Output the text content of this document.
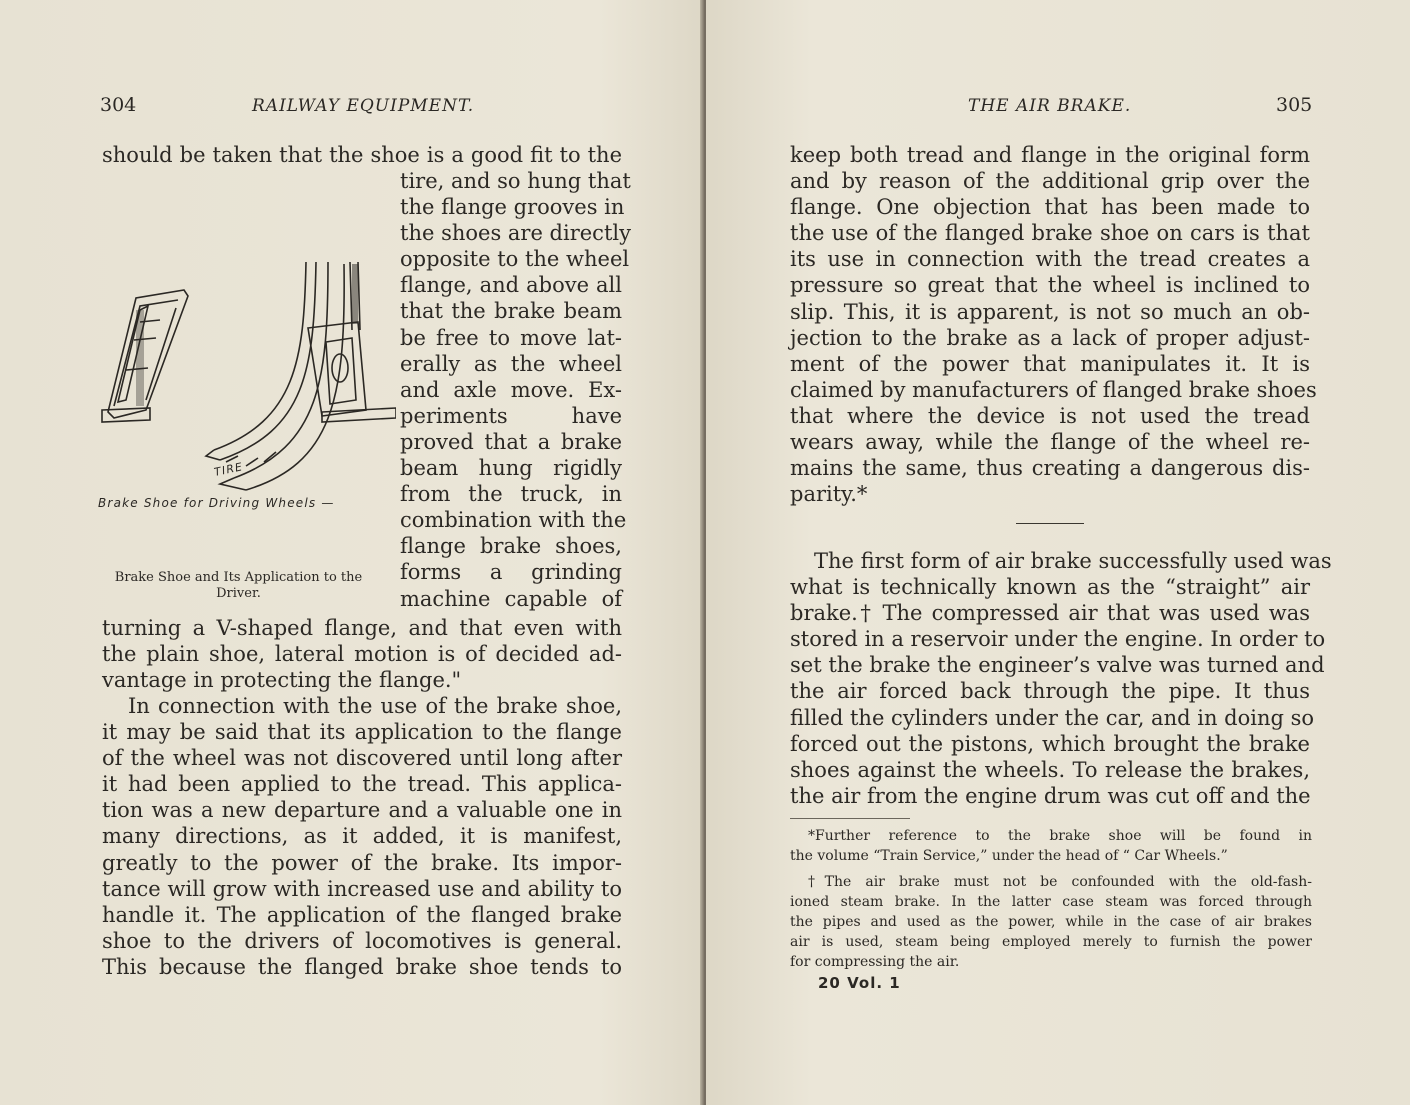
304	RAILWAY EQUIPMENT.
should be taken that the shoe is a good fit to the
tire, and so hung that
the flange grooves in
the shoes are directly
opposite to the wheel
flange, and above all
that the brake beam
be free to move lat-
erally as the wheel
and axle move. Ex-
periments have
proved that a brake
beam hung rigidly
from the truck, in
combination with the
flange brake shoes,
forms a grinding
machine capable of
TIRE
Brake Shoe for Driving Wheels —
Brake Shoe and Its Application to the
Driver.
turning a V-shaped flange, and that even with
the plain shoe, lateral motion is of decided ad-
vantage in protecting the flange."
In connection with the use of the brake shoe,
it may be said that its application to the flange
of the wheel was not discovered until long after
it had been applied to the tread. This applica-
tion was a new departure and a valuable one in
many directions, as it added, it is manifest,
greatly to the power of the brake. Its impor-
tance will grow with increased use and ability to
handle it. The application of the flanged brake
shoe to the drivers of locomotives is general.
This because the flanged brake shoe tends to
THE AIR BRAKE.	305
keep both tread and flange in the original form
and by reason of the additional grip over the
flange. One objection that has been made to
the use of the flanged brake shoe on cars is that
its use in connection with the tread creates a
pressure so great that the wheel is inclined to
slip. This, it is apparent, is not so much an ob-
jection to the brake as a lack of proper adjust-
ment of the power that manipulates it. It is
claimed by manufacturers of flanged brake shoes
that where the device is not used the tread
wears away, while the flange of the wheel re-
mains the same, thus creating a dangerous dis-
parity.*
The first form of air brake successfully used was
what is technically known as the “straight” air
brake.† The compressed air that was used was
stored in a reservoir under the engine. In order to
set the brake the engineer’s valve was turned and
the air forced back through the pipe. It thus
filled the cylinders under the car, and in doing so
forced out the pistons, which brought the brake
shoes against the wheels. To release the brakes,
the air from the engine drum was cut off and the
*Further reference to the brake shoe will be found in
the volume “Train Service,” under the head of “ Car Wheels.”
†The air brake must not be confounded with the old-fash-
ioned steam brake. In the latter case steam was forced through
the pipes and used as the power, while in the case of air brakes
air is used, steam being employed merely to furnish the power
for compressing the air.
20 Vol. 1
